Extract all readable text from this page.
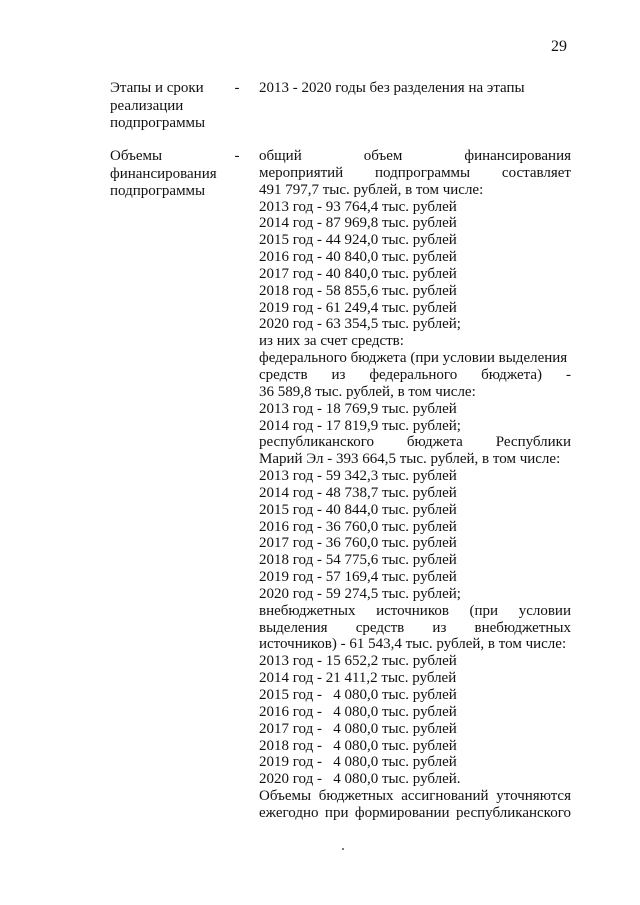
29
Этапы и сроки
реализации
подпрограммы
- 2013 - 2020 годы без разделения на этапы
Объемы
финансирования
подпрограммы
- общий	объем	финансирования
мероприятий подпрограммы составляет
491 797,7 тыс. рублей, в том числе:
2013 год - 93 764,4 тыс. рублей
2014 год - 87 969,8 тыс. рублей
2015 год - 44 924,0 тыс. рублей
2016 год - 40 840,0 тыс. рублей
2017 год - 40 840,0 тыс. рублей
2018 год - 58 855,6 тыс. рублей
2019 год - 61 249,4 тыс. рублей
2020 год - 63 354,5 тыс. рублей;
из них за счет средств:
федерального бюджета (при условии выделения
средств из федерального бюджета) -
36 589,8 тыс. рублей, в том числе:
2013 год - 18 769,9 тыс. рублей
2014 год - 17 819,9 тыс. рублей;
республиканского бюджета Республики
Марий Эл - 393 664,5 тыс. рублей, в том числе:
2013 год - 59 342,3 тыс. рублей
2014 год - 48 738,7 тыс. рублей
2015 год - 40 844,0 тыс. рублей
2016 год - 36 760,0 тыс. рублей
2017 год - 36 760,0 тыс. рублей
2018 год - 54 775,6 тыс. рублей
2019 год - 57 169,4 тыс. рублей
2020 год - 59 274,5 тыс. рублей;
внебюджетных источников (при условии
выделения средств из внебюджетных
источников) - 61 543,4 тыс. рублей, в том числе:
2013 год - 15 652,2 тыс. рублей
2014 год - 21 411,2 тыс. рублей
2015 год -   4 080,0 тыс. рублей
2016 год -   4 080,0 тыс. рублей
2017 год -   4 080,0 тыс. рублей
2018 год -   4 080,0 тыс. рублей
2019 год -   4 080,0 тыс. рублей
2020 год -   4 080,0 тыс. рублей.
Объемы бюджетных ассигнований уточняются
ежегодно при формировании республиканского
